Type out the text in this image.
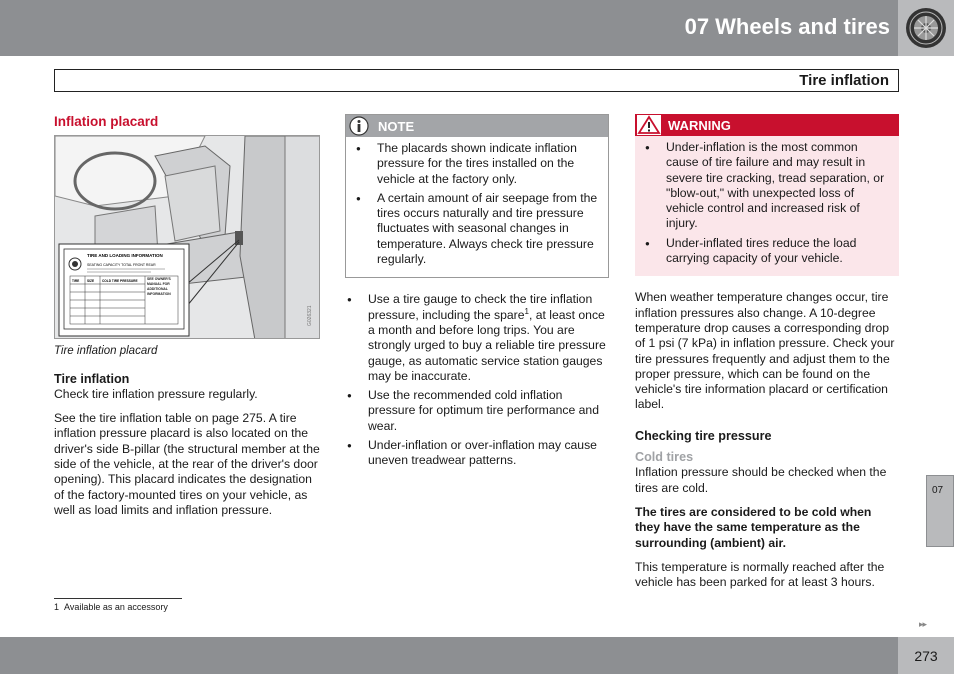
07 Wheels and tires
Tire inflation
Inflation placard
TIRE AND LOADING INFORMATION
SEATING CAPACITY TOTAL FRONT REAR
TIRE SIZE COLD TIRE PRESSURE	SEE OWNER'S MANUAL FOR ADDITIONAL INFORMATION
G026321
Tire inflation placard
Tire inflation

Check tire inflation pressure regularly.

See the tire inflation table on page 275. A tire inflation pressure placard is also located on the driver's side B-pillar (the structural member at the side of the vehicle, at the rear of the driver's door opening). This placard indicates the designation of the factory-mounted tires on your vehicle, as well as load limits and inflation pressure.

NOTE
● The placards shown indicate inflation pressure for the tires installed on the vehicle at the factory only.
● A certain amount of air seepage from the tires occurs naturally and tire pressure fluctuates with seasonal changes in temperature. Always check tire pressure regularly.
● Use a tire gauge to check the tire inflation pressure, including the spare$^1$, at least once a month and before long trips. You are strongly urged to buy a reliable tire pressure gauge, as automatic service station gauges may be inaccurate.
● Use the recommended cold inflation pressure for optimum tire performance and wear.
● Under-inflation or over-inflation may cause uneven treadwear patterns.
WARNING
● Under-inflation is the most common cause of tire failure and may result in severe tire cracking, tread separation, or "blow-out," with unexpected loss of vehicle control and increased risk of injury.
● Under-inflated tires reduce the load carrying capacity of your vehicle.

When weather temperature changes occur, tire inflation pressures also change. A 10-degree temperature drop causes a corresponding drop of 1 psi (7 kPa) in inflation pressure. Check your tire pressures frequently and adjust them to the proper pressure, which can be found on the vehicle's tire information placard or certification label.

Checking tire pressure
Cold tires

Inflation pressure should be checked when the tires are cold.

The tires are considered to be cold when they have the same temperature as the surrounding (ambient) air.

This temperature is normally reached after the vehicle has been parked for at least 3 hours.

1 Available as an accessory
07
▸▸
273
